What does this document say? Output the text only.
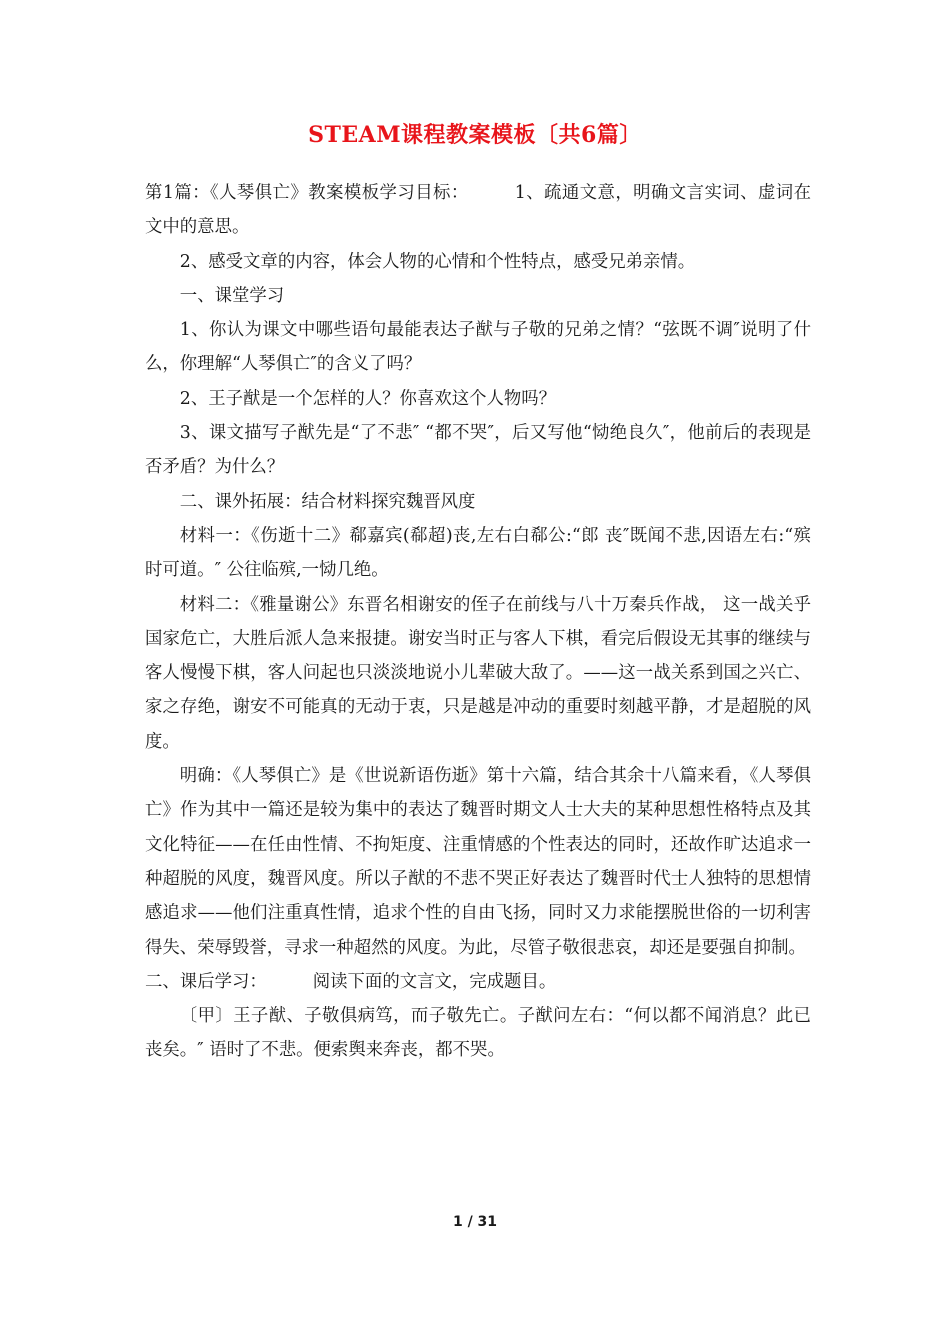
STEAM课程教案模板〔共6篇〕

第1篇：《人琴俱亡》教案模板学习目标：	1、疏通文意，明确文言实词、虚词在文中的意思。

2、感受文章的内容，体会人物的心情和个性特点，感受兄弟亲情。

一、课堂学习

1、你认为课文中哪些语句最能表达子猷与子敬的兄弟之情？“弦既不调″说明了什么，你理解“人琴俱亡″的含义了吗？

2、王子猷是一个怎样的人？你喜欢这个人物吗？

3、课文描写子猷先是“了不悲″ “都不哭″，后又写他“恸绝良久″，他前后的表现是否矛盾？为什么？

二、课外拓展：结合材料探究魏晋风度

材料一：《伤逝十二》郗嘉宾(郗超)丧,左右白郗公:“郎 丧″既闻不悲,因语左右:“殡时可道。″ 公往临殡,一恸几绝。

材料二：《雅量谢公》东晋名相谢安的侄子在前线与八十万秦兵作战， 这一战关乎国家危亡，大胜后派人急来报捷。谢安当时正与客人下棋，看完后假设无其事的继续与客人慢慢下棋，客人问起也只淡淡地说小儿辈破大敌了。——这一战关系到国之兴亡、家之存绝，谢安不可能真的无动于衷，只是越是冲动的重要时刻越平静，才是超脱的风度。

明确：《人琴俱亡》是《世说新语伤逝》第十六篇，结合其余十八篇来看，《人琴俱亡》作为其中一篇还是较为集中的表达了魏晋时期文人士大夫的某种思想性格特点及其文化特征——在任由性情、不拘矩度、注重情感的个性表达的同时，还故作旷达追求一种超脱的风度，魏晋风度。所以子猷的不悲不哭正好表达了魏晋时代士人独特的思想情感追求——他们注重真性情，追求个性的自由飞扬，同时又力求能摆脱世俗的一切利害得失、荣辱毁誉，寻求一种超然的风度。为此，尽管子敬很悲哀，却还是要强自抑制。

二、课后学习：	阅读下面的文言文，完成题目。

〔甲〕王子猷、子敬俱病笃，而子敬先亡。子猷问左右：“何以都不闻消息？此已丧矣。″ 语时了不悲。便索舆来奔丧，都不哭。

1 / 31
